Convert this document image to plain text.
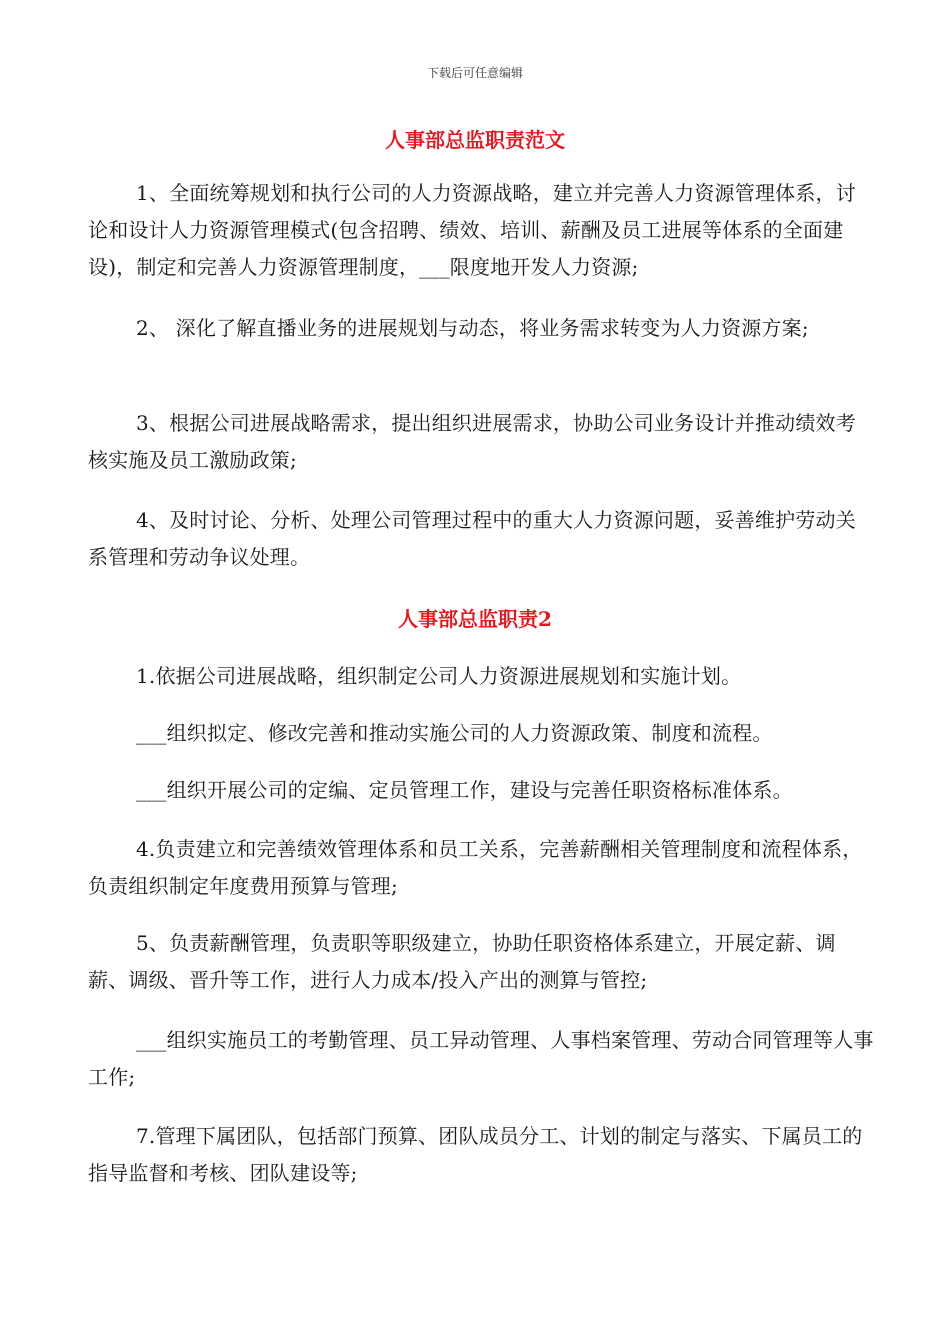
下载后可任意编辑
人事部总监职责范文

1、全面统筹规划和执行公司的人力资源战略，建立并完善人力资源管理体系，讨论和设计人力资源管理模式(包含招聘、绩效、培训、薪酬及员工进展等体系的全面建设)，制定和完善人力资源管理制度，___限度地开发人力资源;

2、 深化了解直播业务的进展规划与动态，将业务需求转变为人力资源方案;

3、根据公司进展战略需求，提出组织进展需求，协助公司业务设计并推动绩效考核实施及员工激励政策;

4、及时讨论、分析、处理公司管理过程中的重大人力资源问题，妥善维护劳动关系管理和劳动争议处理。

人事部总监职责2

1.依据公司进展战略，组织制定公司人力资源进展规划和实施计划。

___组织拟定、修改完善和推动实施公司的人力资源政策、制度和流程。

___组织开展公司的定编、定员管理工作，建设与完善任职资格标准体系。

4.负责建立和完善绩效管理体系和员工关系，完善薪酬相关管理制度和流程体系，负责组织制定年度费用预算与管理;

5、负责薪酬管理，负责职等职级建立，协助任职资格体系建立，开展定薪、调薪、调级、晋升等工作，进行人力成本/投入产出的测算与管控;

___组织实施员工的考勤管理、员工异动管理、人事档案管理、劳动合同管理等人事工作;

7.管理下属团队，包括部门预算、团队成员分工、计划的制定与落实、下属员工的指导监督和考核、团队建设等;
